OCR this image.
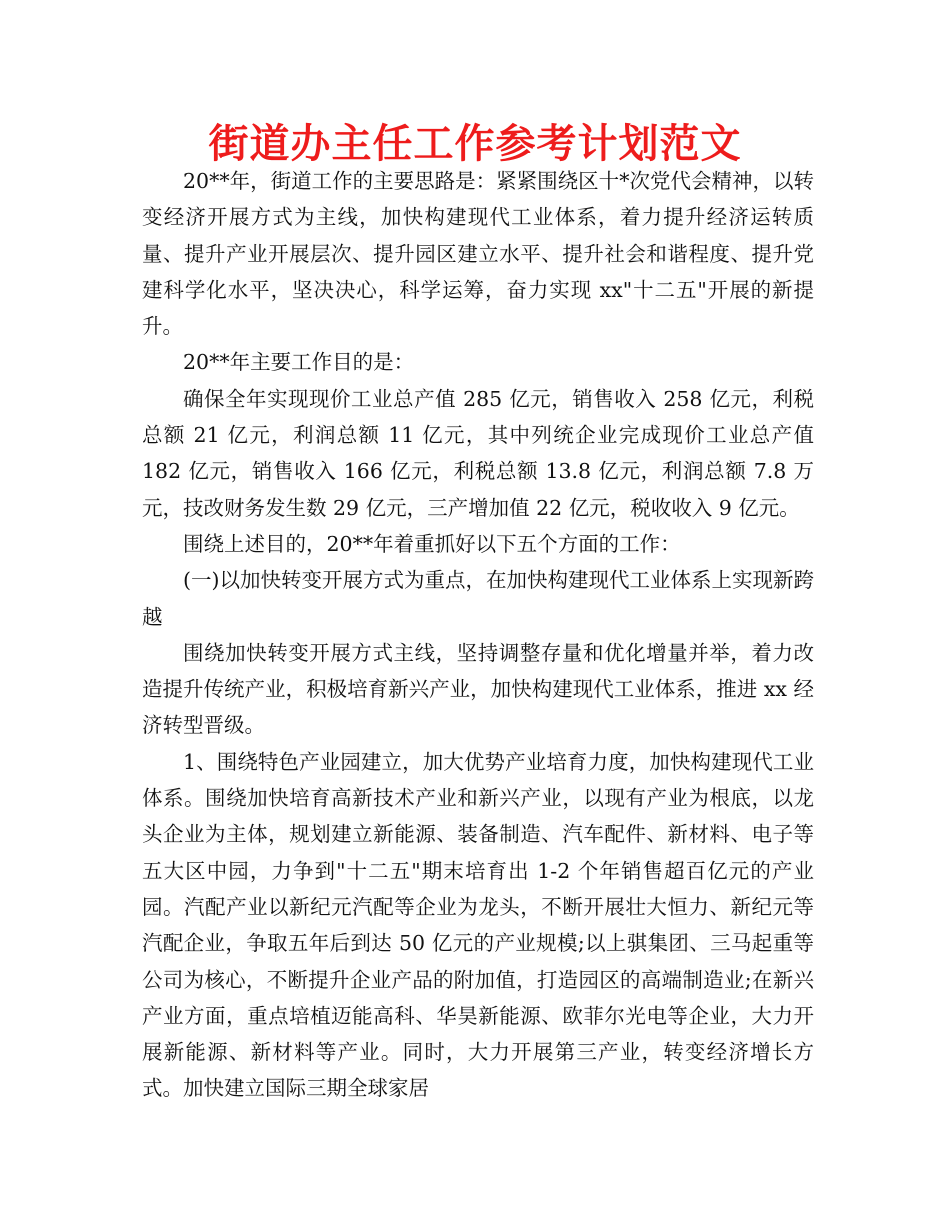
街道办主任工作参考计划范文

20**年，街道工作的主要思路是：紧紧围绕区十*次党代会精神，以转变经济开展方式为主线，加快构建现代工业体系，着力提升经济运转质量、提升产业开展层次、提升园区建立水平、提升社会和谐程度、提升党建科学化水平，坚决决心，科学运筹，奋力实现 xx"十二五"开展的新提升。

20**年主要工作目的是：

确保全年实现现价工业总产值 285 亿元，销售收入 258 亿元，利税总额 21 亿元，利润总额 11 亿元，其中列统企业完成现价工业总产值 182 亿元，销售收入 166 亿元，利税总额 13.8 亿元，利润总额 7.8 万元，技改财务发生数 29 亿元，三产增加值 22 亿元，税收收入 9 亿元。

围绕上述目的，20**年着重抓好以下五个方面的工作：

(一)以加快转变开展方式为重点，在加快构建现代工业体系上实现新跨越

围绕加快转变开展方式主线，坚持调整存量和优化增量并举，着力改造提升传统产业，积极培育新兴产业，加快构建现代工业体系，推进 xx 经济转型晋级。

1、围绕特色产业园建立，加大优势产业培育力度，加快构建现代工业体系。围绕加快培育高新技术产业和新兴产业，以现有产业为根底，以龙头企业为主体，规划建立新能源、装备制造、汽车配件、新材料、电子等五大区中园，力争到"十二五"期末培育出 1-2 个年销售超百亿元的产业园。汽配产业以新纪元汽配等企业为龙头，不断开展壮大恒力、新纪元等汽配企业，争取五年后到达 50 亿元的产业规模;以上骐集团、三马起重等公司为核心，不断提升企业产品的附加值，打造园区的高端制造业;在新兴产业方面，重点培植迈能高科、华昊新能源、欧菲尔光电等企业，大力开展新能源、新材料等产业。同时，大力开展第三产业，转变经济增长方式。加快建立国际三期全球家居
